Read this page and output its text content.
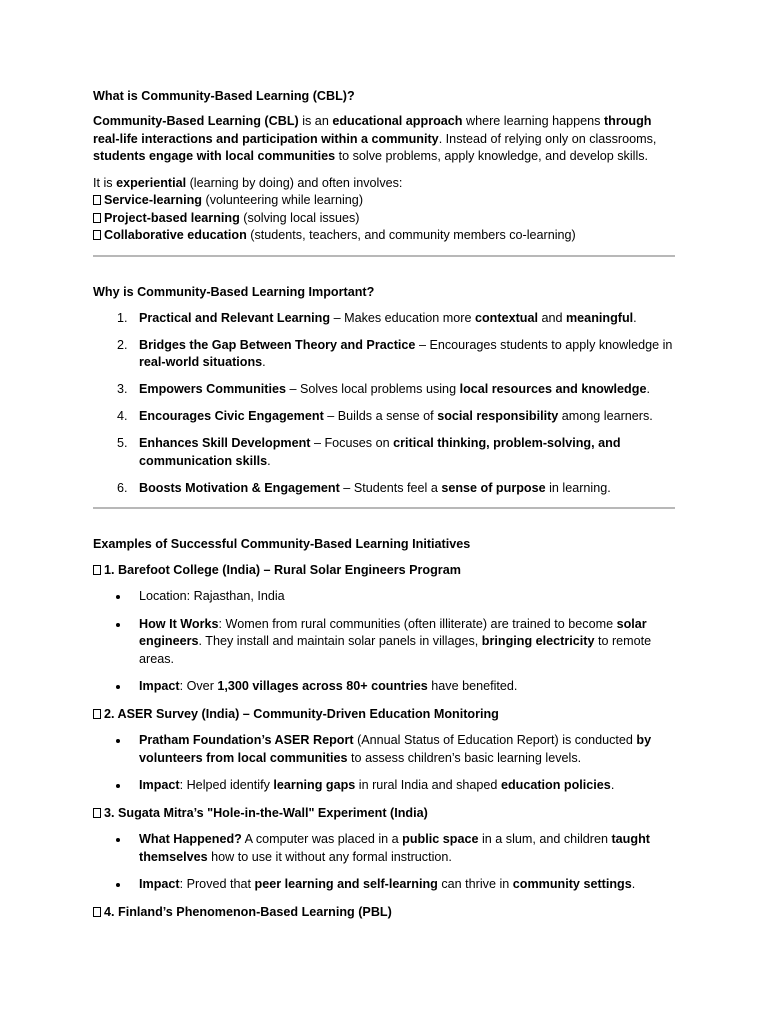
What is Community-Based Learning (CBL)?

Community-Based Learning (CBL) is an educational approach where learning happens through real-life interactions and participation within a community. Instead of relying only on classrooms, students engage with local communities to solve problems, apply knowledge, and develop skills.

It is experiential (learning by doing) and often involves:

Service-learning (volunteering while learning)

Project-based learning (solving local issues)

Collaborative education (students, teachers, and community members co-learning)

Why is Community-Based Learning Important?
1. Practical and Relevant Learning – Makes education more contextual and meaningful.
2. Bridges the Gap Between Theory and Practice – Encourages students to apply knowledge in real-world situations.
3. Empowers Communities – Solves local problems using local resources and knowledge.
4. Encourages Civic Engagement – Builds a sense of social responsibility among learners.
5. Enhances Skill Development – Focuses on critical thinking, problem-solving, and communication skills.
6. Boosts Motivation & Engagement – Students feel a sense of purpose in learning.
Examples of Successful Community-Based Learning Initiatives

1. Barefoot College (India) – Rural Solar Engineers Program

Location: Rajasthan, India
How It Works: Women from rural communities (often illiterate) are trained to become solar engineers. They install and maintain solar panels in villages, bringing electricity to remote areas.
Impact: Over 1,300 villages across 80+ countries have benefited.

2. ASER Survey (India) – Community-Driven Education Monitoring

Pratham Foundation’s ASER Report (Annual Status of Education Report) is conducted by volunteers from local communities to assess children’s basic learning levels.
Impact: Helped identify learning gaps in rural India and shaped education policies.

3. Sugata Mitra’s "Hole-in-the-Wall" Experiment (India)

What Happened? A computer was placed in a public space in a slum, and children taught themselves how to use it without any formal instruction.
Impact: Proved that peer learning and self-learning can thrive in community settings.

4. Finland’s Phenomenon-Based Learning (PBL)
